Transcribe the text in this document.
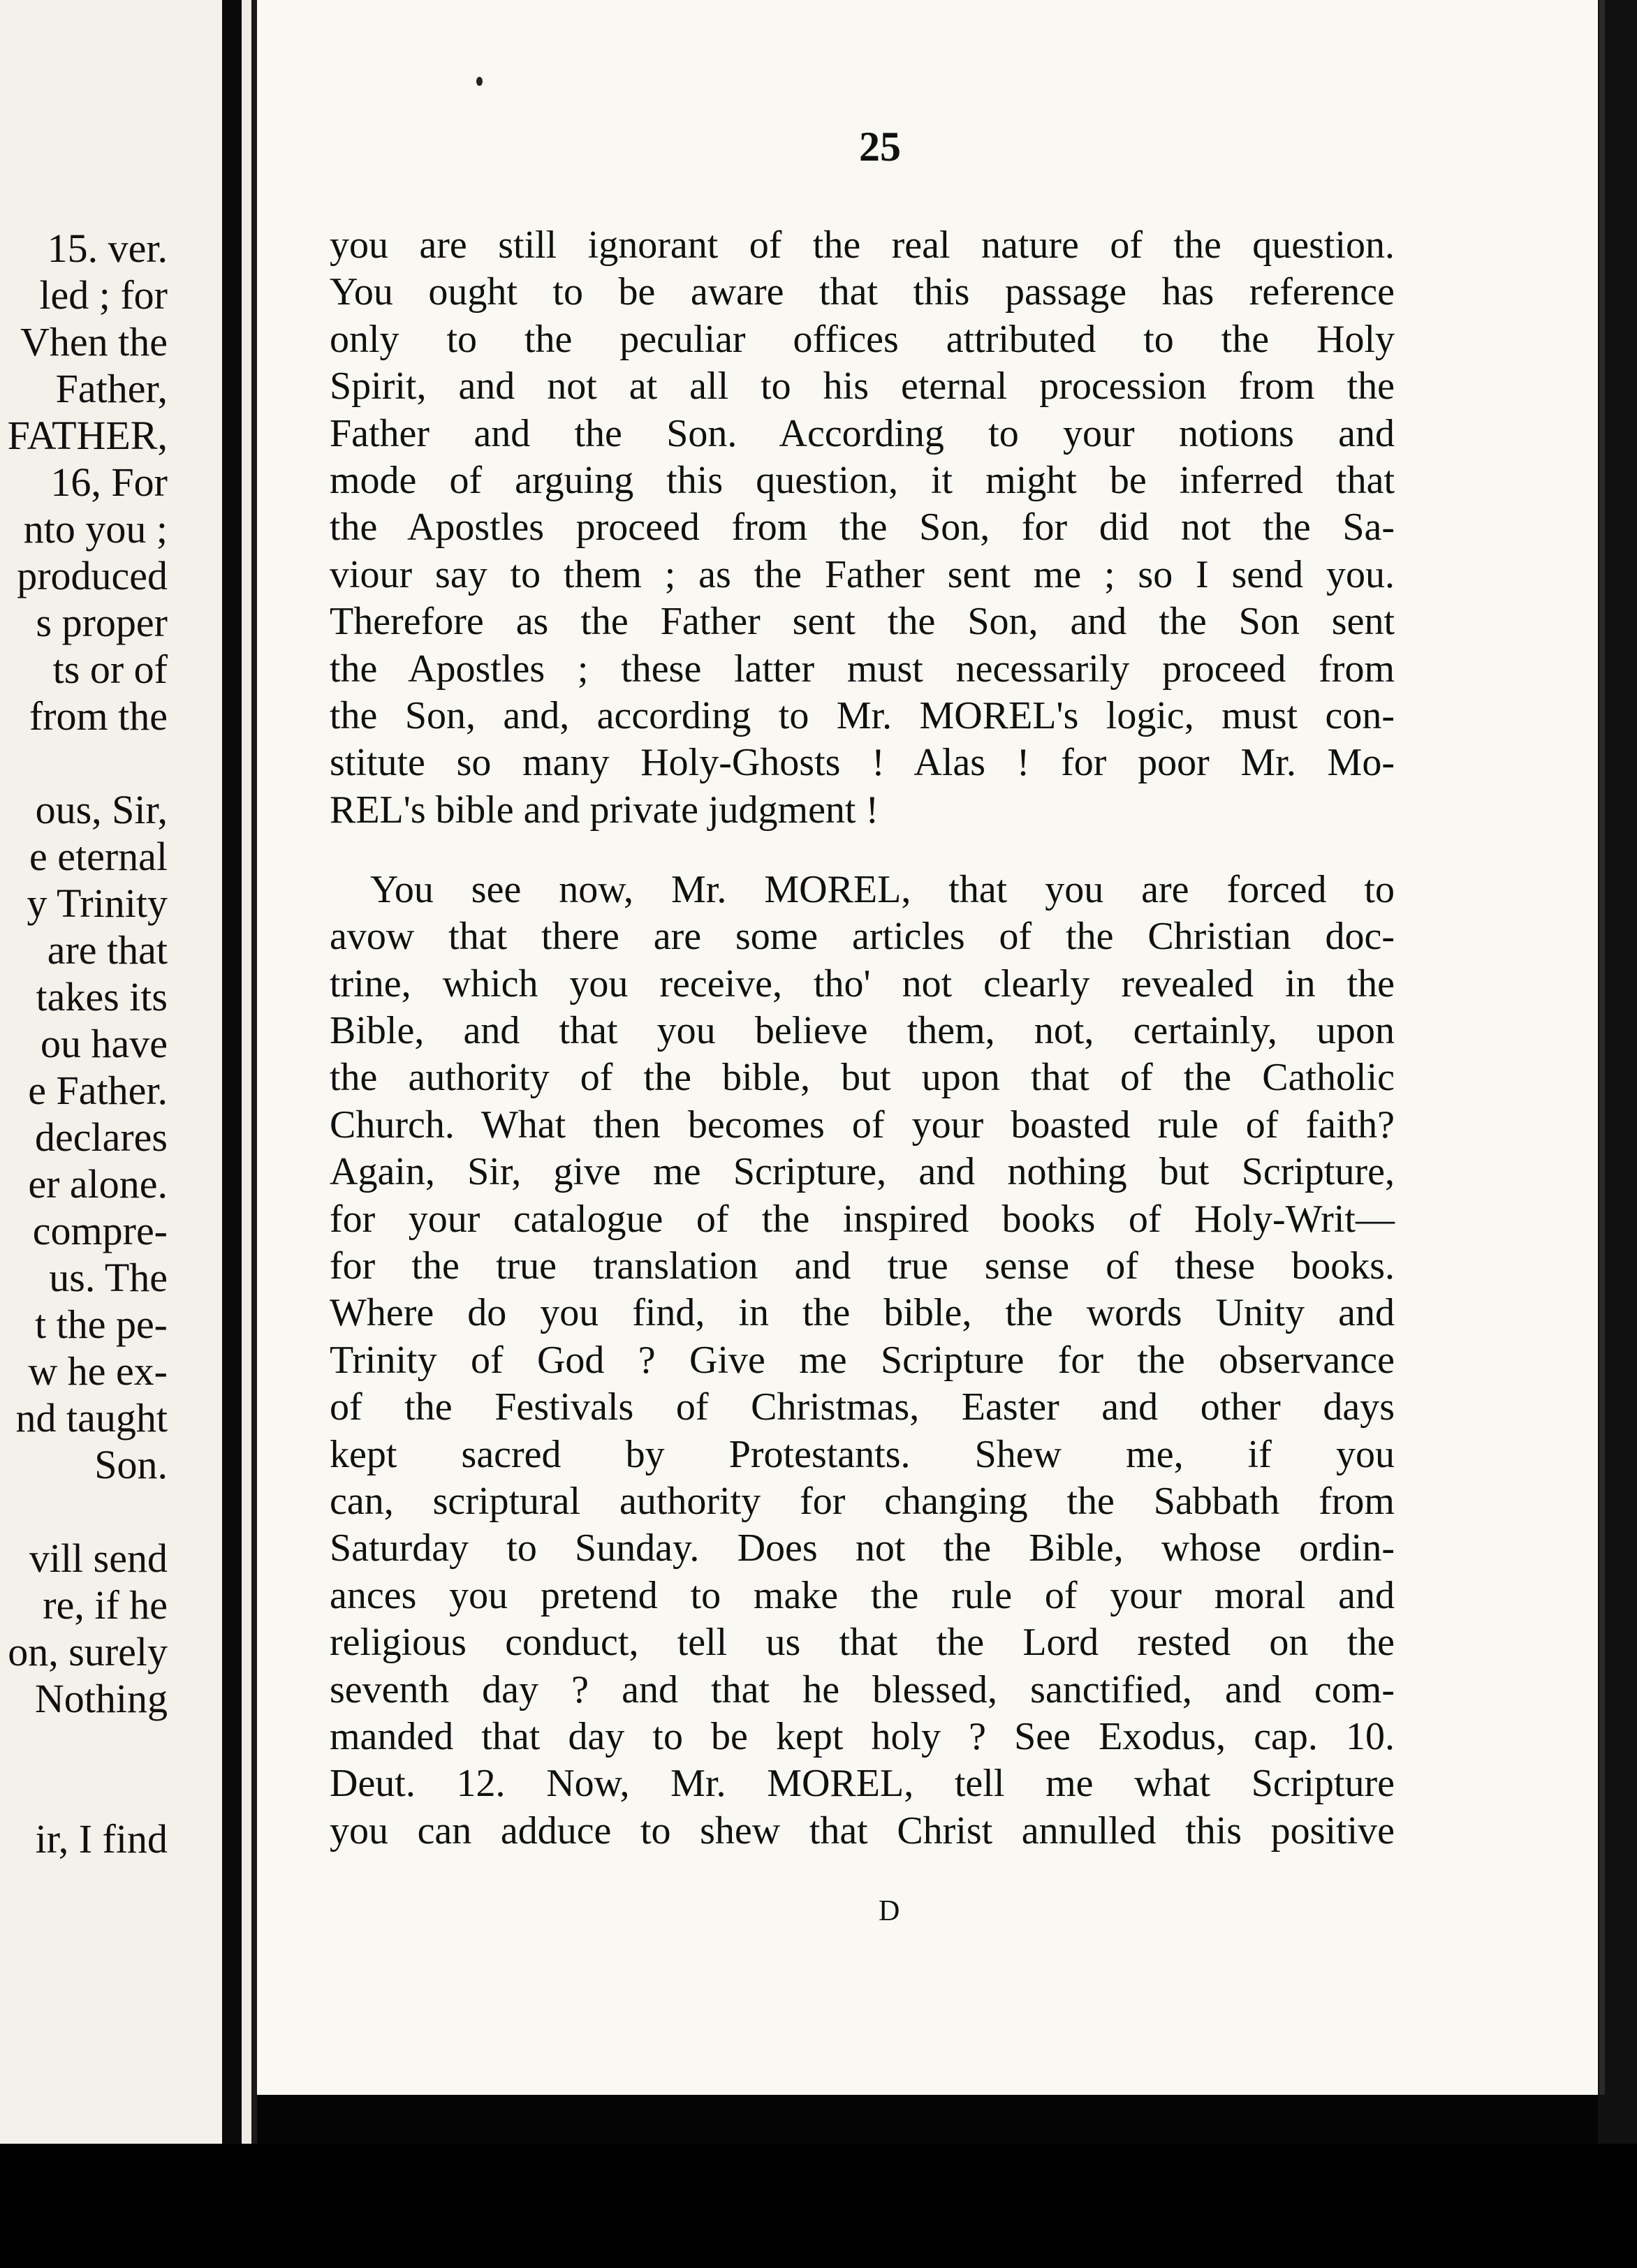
15. ver.
led ; for
Vhen the
Father,
FATHER,
16, For
nto you ;
produced
s proper
ts or of
from the
ous, Sir,
e eternal
y Trinity
are that
takes its
ou have
e Father.
declares
er alone.
compre-
us. The
t the pe-
w he ex-
nd taught
Son.
vill send
re, if he
on, surely
Nothing
ir, I find
25
you are still ignorant of the real nature of the question.
You ought to be aware that this passage has reference
only to the peculiar offices attributed to the Holy
Spirit, and not at all to his eternal procession from the
Father and the Son. According to your notions and
mode of arguing this question, it might be inferred that
the Apostles proceed from the Son, for did not the Sa-
viour say to them ; as the Father sent me ; so I send you.
Therefore as the Father sent the Son, and the Son sent
the Apostles ; these latter must necessarily proceed from
the Son, and, according to Mr. MOREL's logic, must con-
stitute so many Holy-Ghosts ! Alas ! for poor Mr. Mo-
REL's bible and private judgment !
You see now, Mr. MOREL, that you are forced to
avow that there are some articles of the Christian doc-
trine, which you receive, tho' not clearly revealed in the
Bible, and that you believe them, not, certainly, upon
the authority of the bible, but upon that of the Catholic
Church. What then becomes of your boasted rule of faith?
Again, Sir, give me Scripture, and nothing but Scripture,
for your catalogue of the inspired books of Holy-Writ—
for the true translation and true sense of these books.
Where do you find, in the bible, the words Unity and
Trinity of God ? Give me Scripture for the observance
of the Festivals of Christmas, Easter and other days
kept sacred by Protestants. Shew me, if you
can, scriptural authority for changing the Sabbath from
Saturday to Sunday. Does not the Bible, whose ordin-
ances you pretend to make the rule of your moral and
religious conduct, tell us that the Lord rested on the
seventh day ? and that he blessed, sanctified, and com-
manded that day to be kept holy ? See Exodus, cap. 10.
Deut. 12. Now, Mr. MOREL, tell me what Scripture
you can adduce to shew that Christ annulled this positive
D
